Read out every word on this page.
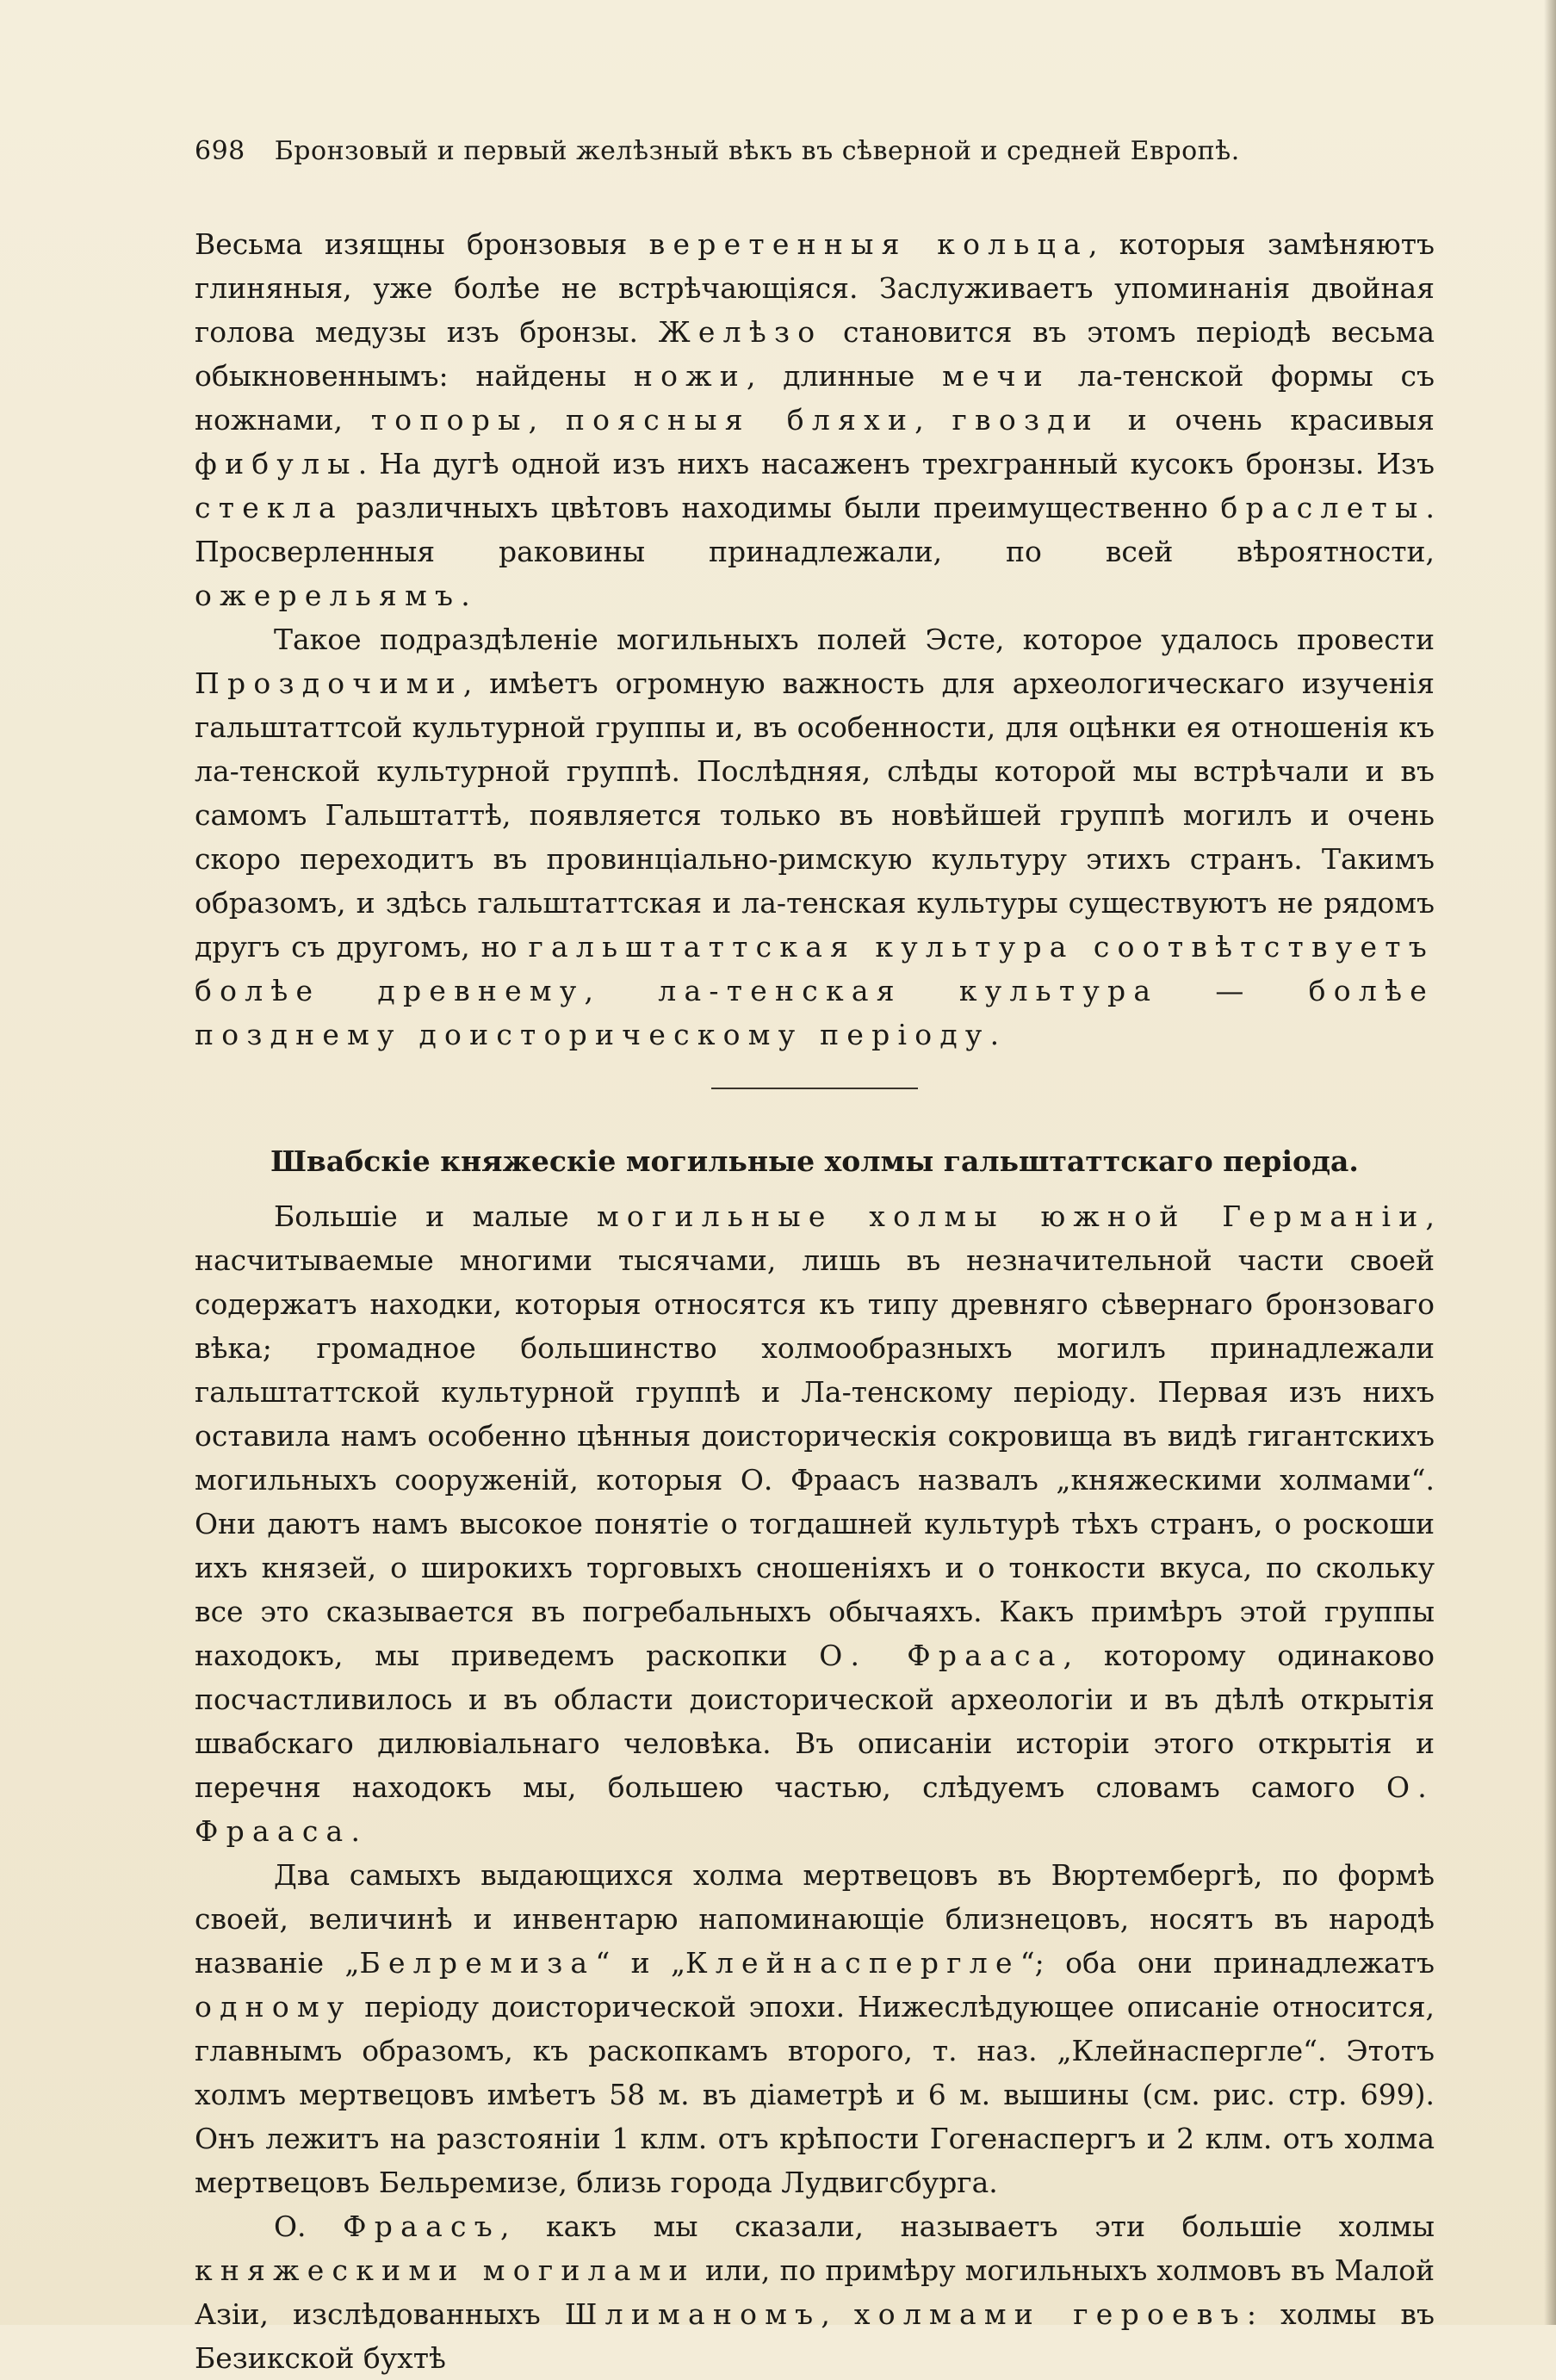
698 Бронзовый и первый желѣзный вѣкъ въ сѣверной и средней Европѣ.

Весьма изящны бронзовыя веретенныя кольца, которыя замѣняютъ глиняныя, уже болѣе не встрѣчающіяся. Заслуживаетъ упоминанія двойная голова медузы изъ бронзы. Желѣзо становится въ этомъ періодѣ весьма обыкновеннымъ: найдены ножи, длинные мечи ла-тенской формы съ ножнами, топоры, поясныя бляхи, гвозди и очень красивыя фибулы. На дугѣ одной изъ нихъ насаженъ трехгранный кусокъ бронзы. Изъ стекла различныхъ цвѣтовъ находимы были преимущественно браслеты. Просверленныя раковины принадлежали, по всей вѣроятности, ожерельямъ.

Такое подраздѣленіе могильныхъ полей Эсте, которое удалось провести Проздочими, имѣетъ огромную важность для археологическаго изученія гальштаттсой культурной группы и, въ особенности, для оцѣнки ея отношенія къ ла-тенской культурной группѣ. Послѣдняя, слѣды которой мы встрѣчали и въ самомъ Гальштаттѣ, появляется только въ новѣйшей группѣ могилъ и очень скоро переходитъ въ провинціально-римскую культуру этихъ странъ. Такимъ образомъ, и здѣсь гальштаттская и ла-тенская культуры существуютъ не рядомъ другъ съ другомъ, но гальштаттская культура соотвѣтствуетъ болѣе древнему, ла-тенская культура — болѣе позднему доисторическому періоду.

Швабскіе княжескіе могильные холмы гальштаттскаго періода.

Большіе и малые могильные холмы южной Германіи, насчитываемые многими тысячами, лишь въ незначительной части своей содержатъ находки, которыя относятся къ типу древняго сѣвернаго бронзоваго вѣка; громадное большинство холмообразныхъ могилъ принадлежали гальштаттской культурной группѣ и Ла-тенскому періоду. Первая изъ нихъ оставила намъ особенно цѣнныя доисторическія сокровища въ видѣ гигантскихъ могильныхъ сооруженій, которыя О. Фраасъ назвалъ „княжескими холмами“. Они даютъ намъ высокое понятіе о тогдашней культурѣ тѣхъ странъ, о роскоши ихъ князей, о широкихъ торговыхъ сношеніяхъ и о тонкости вкуса, по скольку все это сказывается въ погребальныхъ обычаяхъ. Какъ примѣръ этой группы находокъ, мы приведемъ раскопки О. Фрааса, которому одинаково посчастливилось и въ области доисторической археологіи и въ дѣлѣ открытія швабскаго дилювіальнаго человѣка. Въ описаніи исторіи этого открытія и перечня находокъ мы, большею частью, слѣдуемъ словамъ самого О. Фрааса.

Два самыхъ выдающихся холма мертвецовъ въ Вюртембергѣ, по формѣ своей, величинѣ и инвентарю напоминающіе близнецовъ, носятъ въ народѣ названіе „Белремиза“ и „Клейнаспергле“; оба они принадлежатъ одному періоду доисторической эпохи. Нижеслѣдующее описаніе относится, главнымъ образомъ, къ раскопкамъ второго, т. наз. „Клейнаспергле“. Этотъ холмъ мертвецовъ имѣетъ 58 м. въ діаметрѣ и 6 м. вышины (см. рис. стр. 699). Онъ лежитъ на разстояніи 1 клм. отъ крѣпости Гогенаспергъ и 2 клм. отъ холма мертвецовъ Бельремизе, близь города Лудвигсбурга.

О. Фраасъ, какъ мы сказали, называетъ эти большіе холмы княжескими могилами или, по примѣру могильныхъ холмовъ въ Малой Азіи, изслѣдованныхъ Шлиманомъ, холмами героевъ: холмы въ Безикской бухтѣ
